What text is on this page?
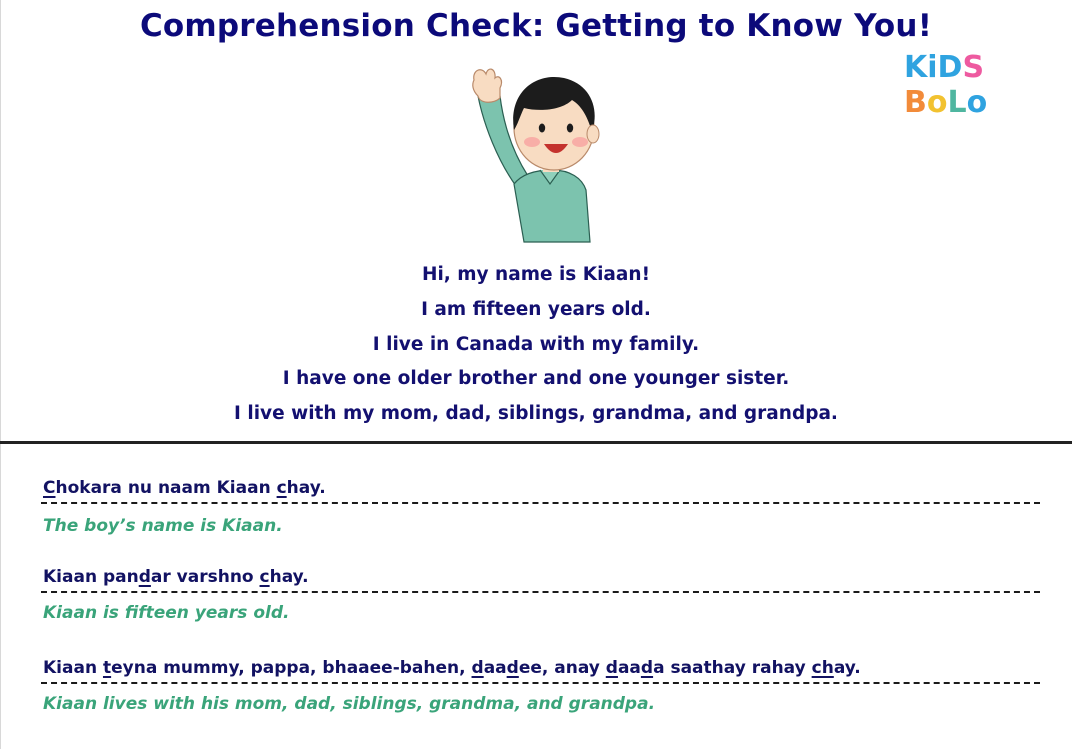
Comprehension Check: Getting to Know You!
KiDS BoLo
Hi, my name is Kiaan!
I am fifteen years old.
I live in Canada with my family.
I have one older brother and one younger sister.
I live with my mom, dad, siblings, grandma, and grandpa.
Chokara nu naam Kiaan chay.
The boy’s name is Kiaan.
Kiaan pandar varshno chay.
Kiaan is fifteen years old.
Kiaan teyna mummy, pappa, bhaaee-bahen, daadee, anay daada saathay rahay chay.
Kiaan lives with his mom, dad, siblings, grandma, and grandpa.
